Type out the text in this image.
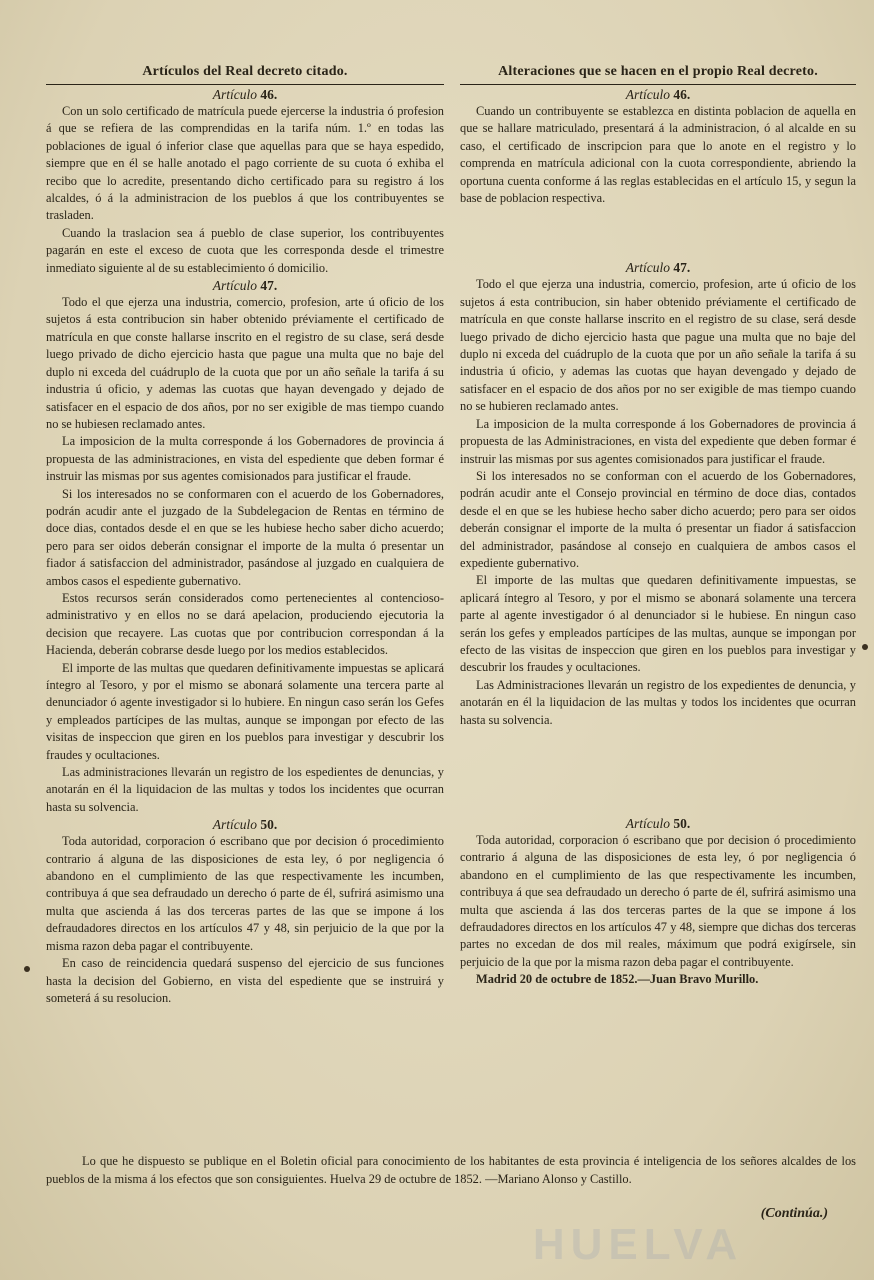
Artículos del Real decreto citado.
Artículo 46.

Con un solo certificado de matrícula puede ejercerse la industria ó profesion á que se refiera de las comprendidas en la tarifa núm. 1.º en todas las poblaciones de igual ó inferior clase que aquellas para que se haya espedido, siempre que en él se halle anotado el pago corriente de su cuota ó exhiba el recibo que lo acredite, presentando dicho certificado para su registro á los alcaldes, ó á la administracion de los pueblos á que los contribuyentes se trasladen.

Cuando la traslacion sea á pueblo de clase superior, los contribuyentes pagarán en este el exceso de cuota que les corresponda desde el trimestre inmediato siguiente al de su establecimiento ó domicilio.

Artículo 47.

Todo el que ejerza una industria, comercio, profesion, arte ú oficio de los sujetos á esta contribucion sin haber obtenido préviamente el certificado de matrícula en que conste hallarse inscrito en el registro de su clase, será desde luego privado de dicho ejercicio hasta que pague una multa que no baje del duplo ni exceda del cuádruplo de la cuota que por un año señale la tarifa á su industria ú oficio, y ademas las cuotas que hayan devengado y dejado de satisfacer en el espacio de dos años, por no ser exigible de mas tiempo cuando no se hubiesen reclamado antes.

La imposicion de la multa corresponde á los Gobernadores de provincia á propuesta de las administraciones, en vista del espediente que deben formar é instruir las mismas por sus agentes comisionados para justificar el fraude.

Si los interesados no se conformaren con el acuerdo de los Gobernadores, podrán acudir ante el juzgado de la Subdelegacion de Rentas en término de doce dias, contados desde el en que se les hubiese hecho saber dicho acuerdo; pero para ser oidos deberán consignar el importe de la multa ó presentar un fiador á satisfaccion del administrador, pasándose al juzgado en cualquiera de ambos casos el espediente gubernativo.

Estos recursos serán considerados como pertenecientes al contencioso-administrativo y en ellos no se dará apelacion, produciendo ejecutoria la decision que recayere. Las cuotas que por contribucion correspondan á la Hacienda, deberán cobrarse desde luego por los medios establecidos.

El importe de las multas que quedaren definitivamente impuestas se aplicará íntegro al Tesoro, y por el mismo se abonará solamente una tercera parte al denunciador ó agente investigador si lo hubiere. En ningun caso serán los Gefes y empleados partícipes de las multas, aunque se impongan por efecto de las visitas de inspeccion que giren en los pueblos para investigar y descubrir los fraudes y ocultaciones.

Las administraciones llevarán un registro de los espedientes de denuncias, y anotarán en él la liquidacion de las multas y todos los incidentes que ocurran hasta su solvencia.

Artículo 50.

Toda autoridad, corporacion ó escribano que por decision ó procedimiento contrario á alguna de las disposiciones de esta ley, ó por negligencia ó abandono en el cumplimiento de las que respectivamente les incumben, contribuya á que sea defraudado un derecho ó parte de él, sufrirá asimismo una multa que ascienda á las dos terceras partes de las que se impone á los defraudadores directos en los artículos 47 y 48, sin perjuicio de la que por la misma razon deba pagar el contribuyente.

En caso de reincidencia quedará suspenso del ejercicio de sus funciones hasta la decision del Gobierno, en vista del espediente que se instruirá y someterá á su resolucion.

Alteraciones que se hacen en el propio Real decreto.
Artículo 46.

Cuando un contribuyente se establezca en distinta poblacion de aquella en que se hallare matriculado, presentará á la administracion, ó al alcalde en su caso, el certificado de inscripcion para que lo anote en el registro y lo comprenda en matrícula adicional con la cuota correspondiente, abriendo la oportuna cuenta conforme á las reglas establecidas en el artículo 15, y segun la base de poblacion respectiva.

Artículo 47.

Todo el que ejerza una industria, comercio, profesion, arte ú oficio de los sujetos á esta contribucion, sin haber obtenido préviamente el certificado de matrícula en que conste hallarse inscrito en el registro de su clase, será desde luego privado de dicho ejercicio hasta que pague una multa que no baje del duplo ni exceda del cuádruplo de la cuota que por un año señale la tarifa á su industria ú oficio, y ademas las cuotas que hayan devengado y dejado de satisfacer en el espacio de dos años por no ser exigible de mas tiempo cuando no se hubieren reclamado antes.

La imposicion de la multa corresponde á los Gobernadores de provincia á propuesta de las Administraciones, en vista del expediente que deben formar é instruir las mismas por sus agentes comisionados para justificar el fraude.

Si los interesados no se conforman con el acuerdo de los Gobernadores, podrán acudir ante el Consejo provincial en término de doce dias, contados desde el en que se les hubiese hecho saber dicho acuerdo; pero para ser oidos deberán consignar el importe de la multa ó presentar un fiador á satisfaccion del administrador, pasándose al consejo en cualquiera de ambos casos el expediente gubernativo.

El importe de las multas que quedaren definitivamente impuestas, se aplicará íntegro al Tesoro, y por el mismo se abonará solamente una tercera parte al agente investigador ó al denunciador si le hubiese. En ningun caso serán los gefes y empleados partícipes de las multas, aunque se impongan por efecto de las visitas de inspeccion que giren en los pueblos para investigar y descubrir los fraudes y ocultaciones.

Las Administraciones llevarán un registro de los expedientes de denuncia, y anotarán en él la liquidacion de las multas y todos los incidentes que ocurran hasta su solvencia.

Artículo 50.

Toda autoridad, corporacion ó escribano que por decision ó procedimiento contrario á alguna de las disposiciones de esta ley, ó por negligencia ó abandono en el cumplimiento de las que respectivamente les incumben, contribuya á que sea defraudado un derecho ó parte de él, sufrirá asimismo una multa que ascienda á las dos terceras partes de la que se impone á los defraudadores directos en los artículos 47 y 48, siempre que dichas dos terceras partes no excedan de dos mil reales, máximum que podrá exigírsele, sin perjuicio de la que por la misma razon deba pagar el contribuyente.

Madrid 20 de octubre de 1852.—Juan Bravo Murillo.

HUELVA
Lo que he dispuesto se publique en el Boletin oficial para conocimiento de los habitantes de esta provincia é inteligencia de los señores alcaldes de los pueblos de la misma á los efectos que son consiguientes. Huelva 29 de octubre de 1852. —Mariano Alonso y Castillo.
(Continúa.)
